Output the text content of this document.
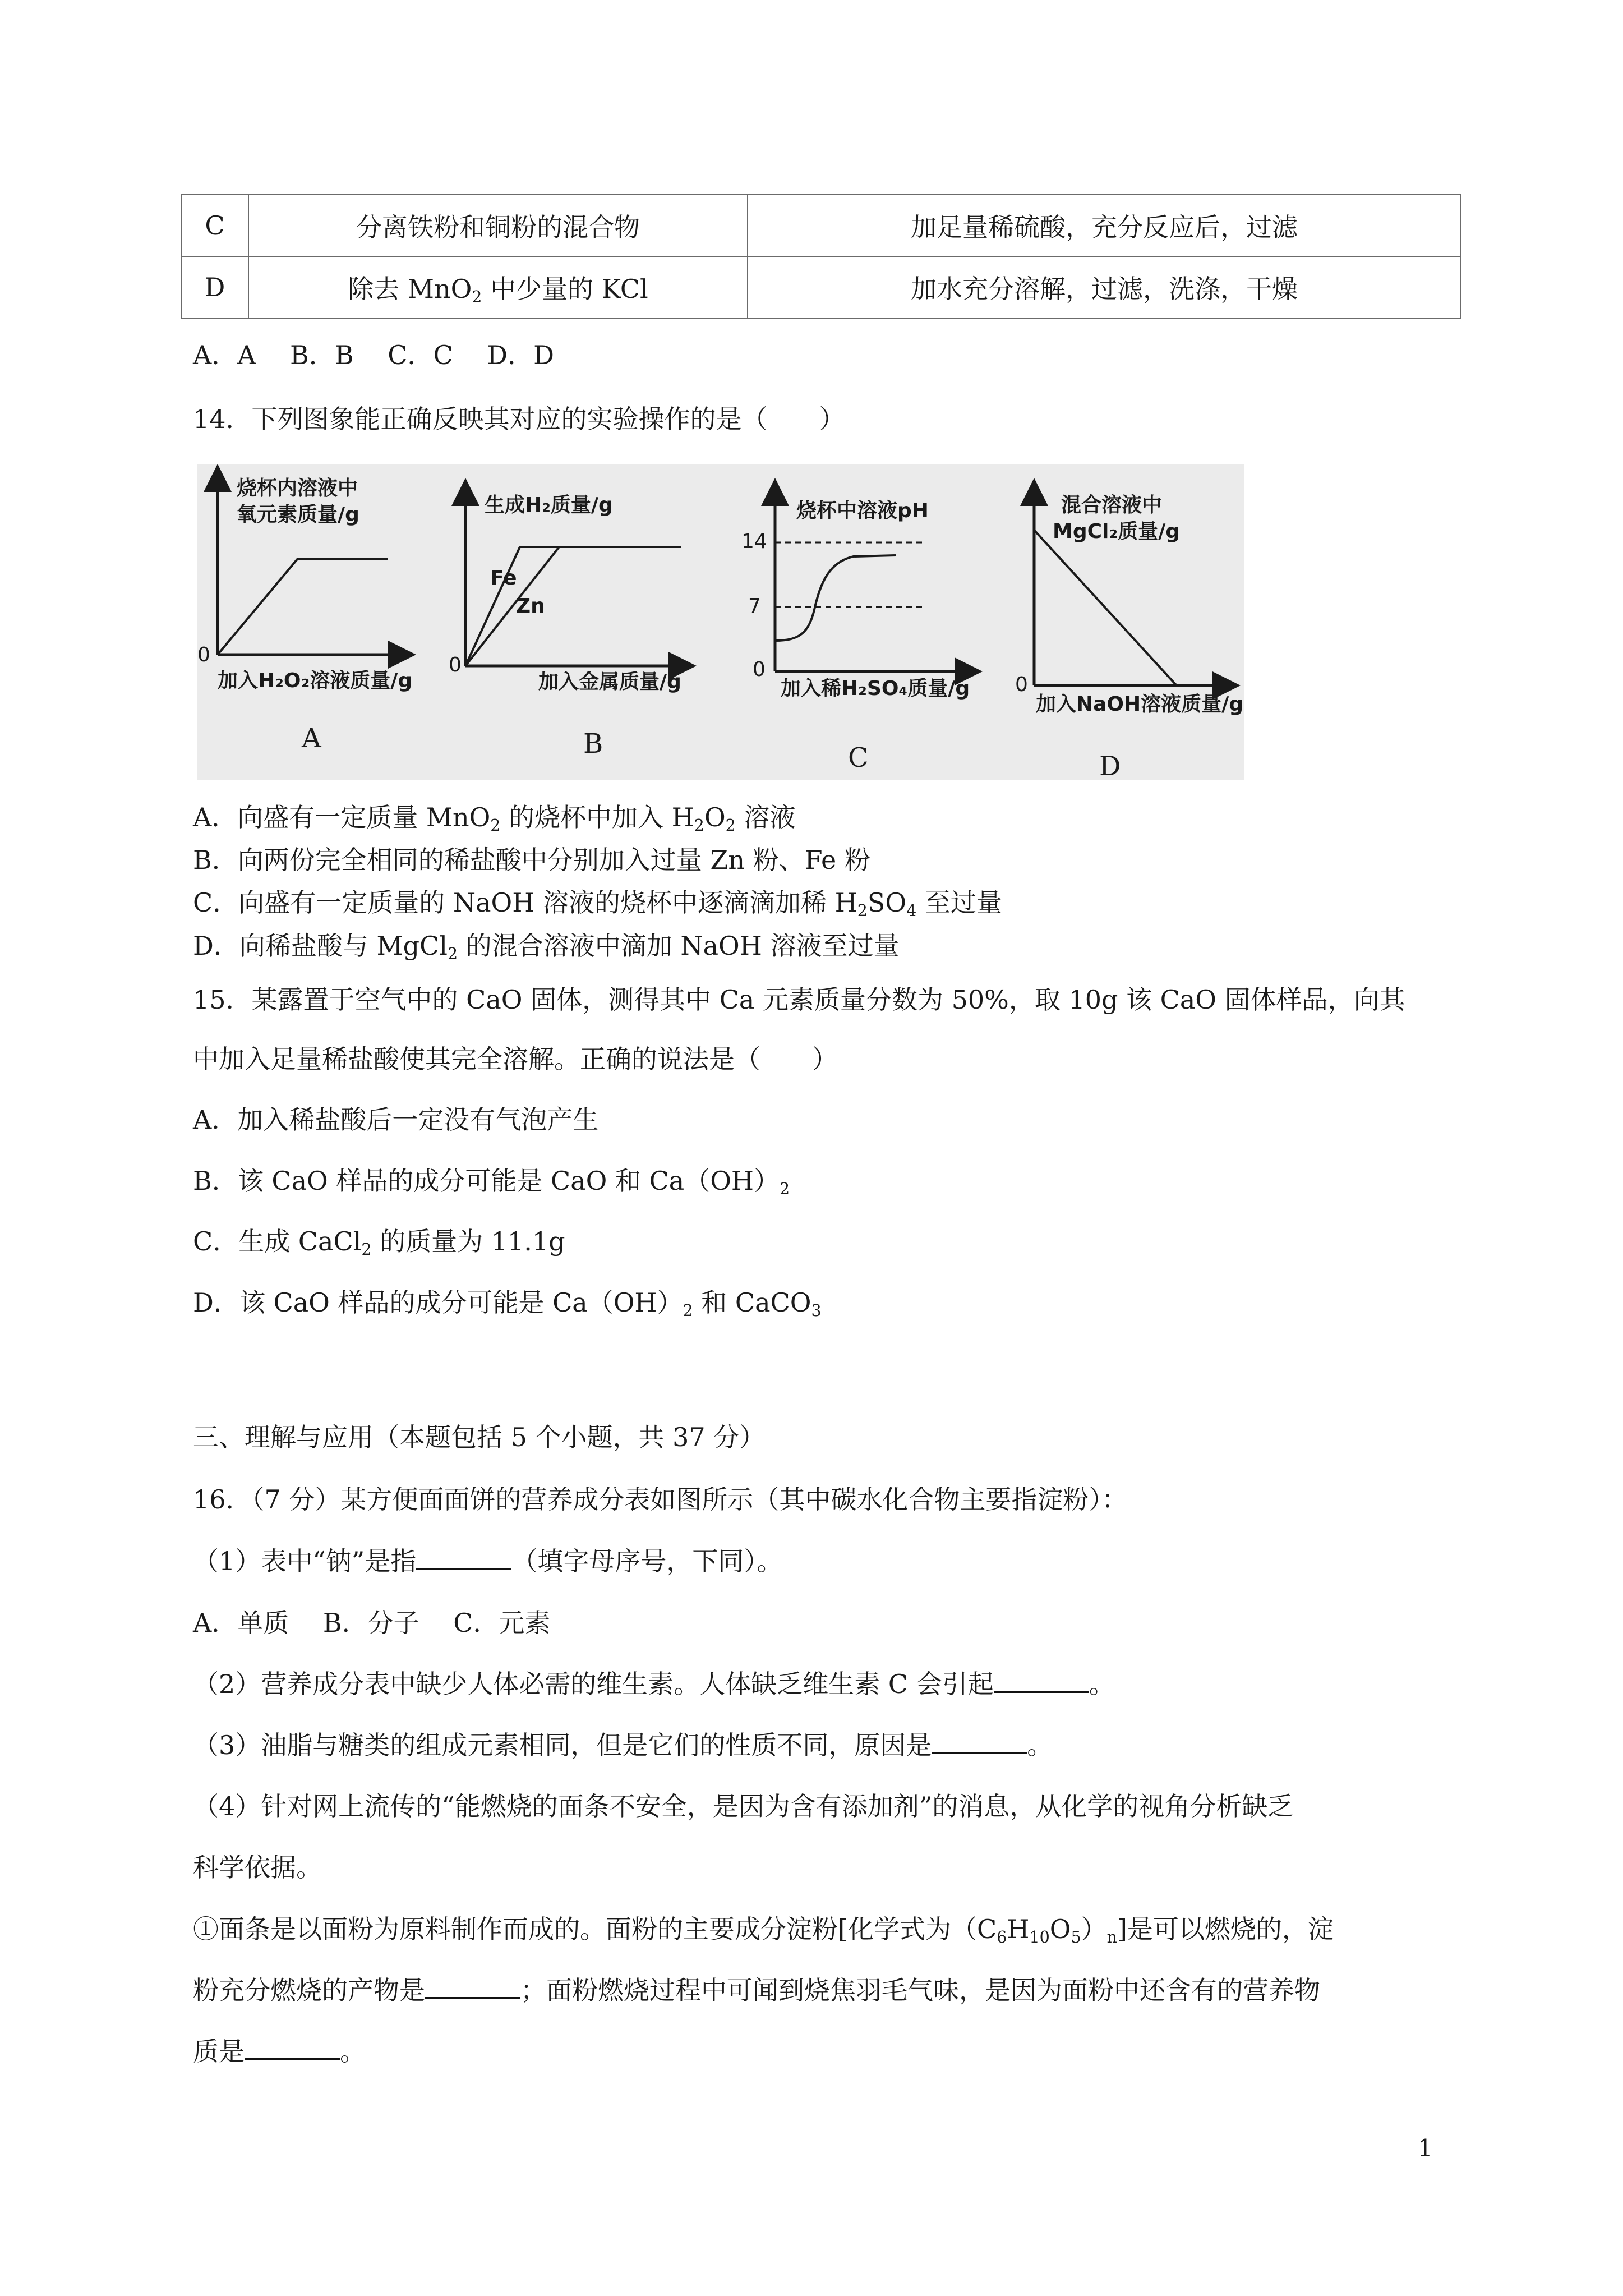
C	分离铁粉和铜粉的混合物	加足量稀硫酸，充分反应后，过滤
D	除去 MnO$_2$ 中少量的 KCl	加水充分溶解，过滤，洗涤，干燥
A．A　 B．B　 C．C　 D．D
14．下列图象能正确反映其对应的实验操作的是（　　）
烧杯内溶液中
氧元素质量/g
0
加入H₂O₂溶液质量/g
A
生成H₂质量/g
Fe
Zn
0
加入金属质量/g
B
烧杯中溶液pH
14
7
0
加入稀H₂SO₄质量/g
C
混合溶液中
MgCl₂质量/g
0
加入NaOH溶液质量/g
D
A．向盛有一定质量 MnO$_2$ 的烧杯中加入 $H_2O_2$ 溶液
B．向两份完全相同的稀盐酸中分别加入过量 Zn 粉、Fe 粉
C．向盛有一定质量的 NaOH 溶液的烧杯中逐滴滴加稀 $H_2SO_4$ 至过量
D．向稀盐酸与 MgCl$_2$ 的混合溶液中滴加 NaOH 溶液至过量
15．某露置于空气中的 CaO 固体，测得其中 Ca 元素质量分数为 50%，取 10g 该 CaO 固体样品，向其
中加入足量稀盐酸使其完全溶解。正确的说法是（　　）
A．加入稀盐酸后一定没有气泡产生
B．该 CaO 样品的成分可能是 CaO 和 $Ca(OH)_2$
C．生成 CaCl$_2$ 的质量为 11.1g
D．该 CaO 样品的成分可能是 $Ca(OH)_2$ 和 CaCO$_3$
三、理解与应用（本题包括 5 个小题，共 37 分）
16．（7 分）某方便面面饼的营养成分表如图所示（其中碳水化合物主要指淀粉）：
（1）表中“钠”是指	（填字母序号，下同）。
A．单质　 B．分子　 C．元素
（2）营养成分表中缺少人体必需的维生素。人体缺乏维生素 C 会引起	。
（3）油脂与糖类的组成元素相同，但是它们的性质不同，原因是	。
（4）针对网上流传的“能燃烧的面条不安全，是因为含有添加剂”的消息，从化学的视角分析缺乏
科学依据。
①面条是以面粉为原料制作而成的。面粉的主要成分淀粉[化学式为$(C_6H_{10}O_5)_n$]是可以燃烧的，淀
粉充分燃烧的产物是	；面粉燃烧过程中可闻到烧焦羽毛气味，是因为面粉中还含有的营养物
质是	。
1
